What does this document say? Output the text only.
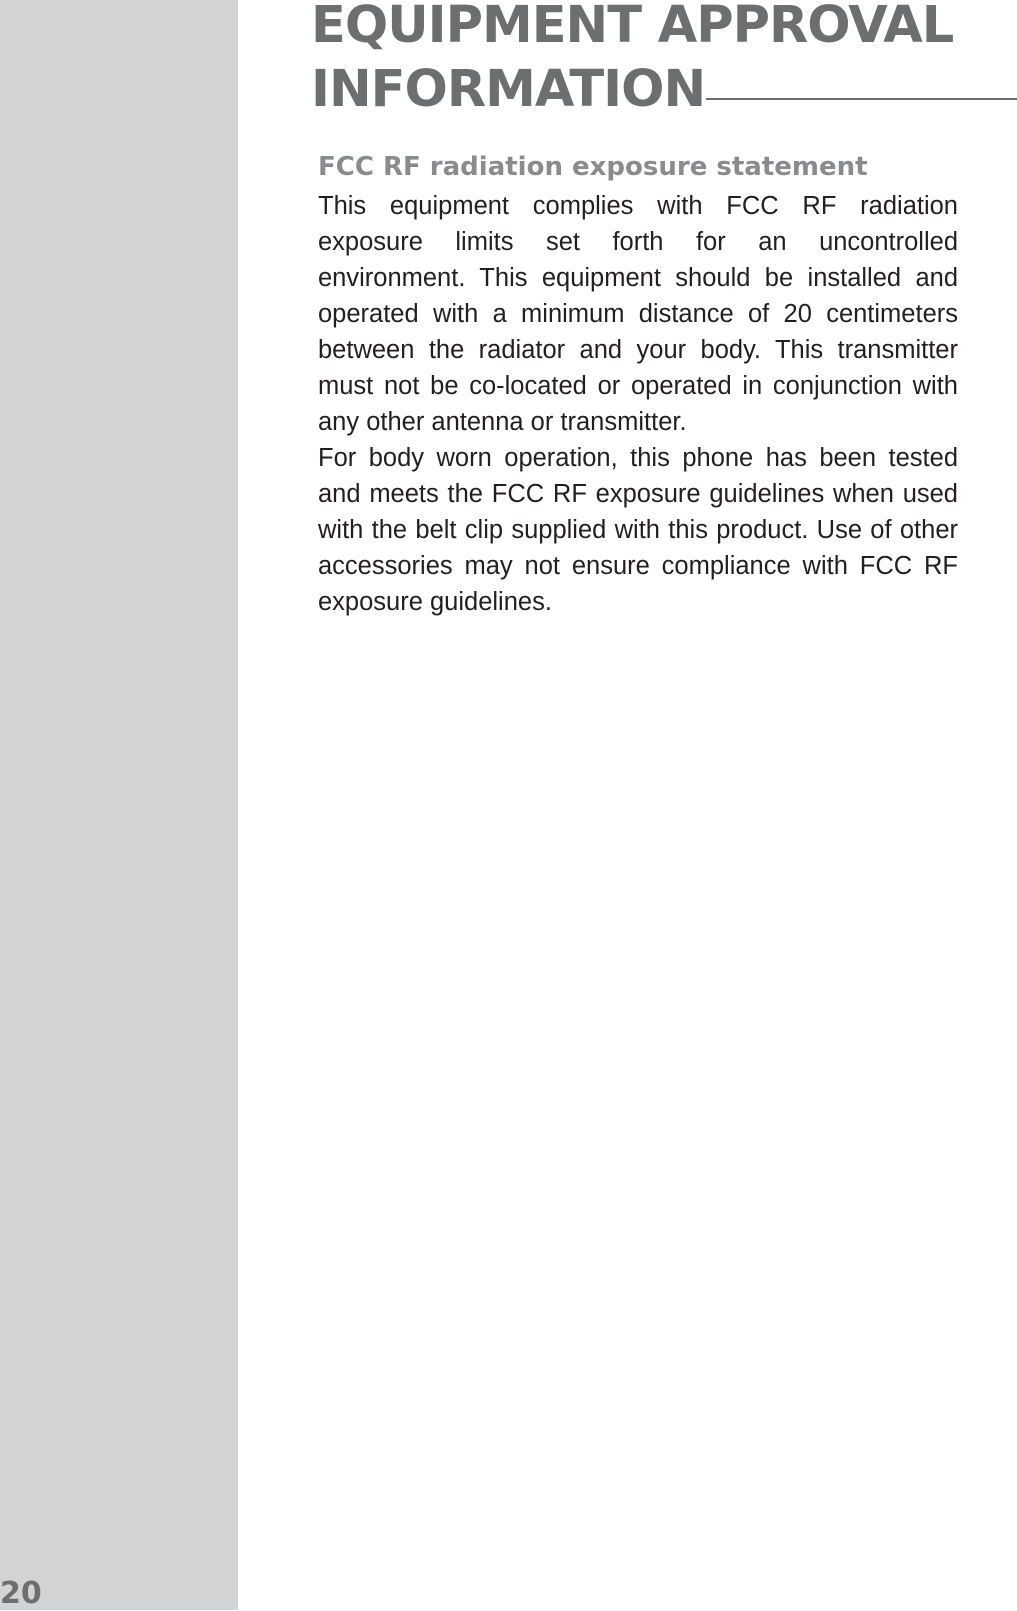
20
EQUIPMENT APPROVAL
INFORMATION
FCC RF radiation exposure statement

This equipment complies with FCC RF radiation exposure limits set forth for an uncontrolled environment. This equipment should be installed and operated with a minimum distance of 20 centimeters between the radiator and your body. This transmitter must not be co-located or operated in conjunction with any other antenna or transmitter.

For body worn operation, this phone has been tested and meets the FCC RF exposure guidelines when used with the belt clip supplied with this product. Use of other accessories may not ensure compliance with FCC RF exposure guidelines.
